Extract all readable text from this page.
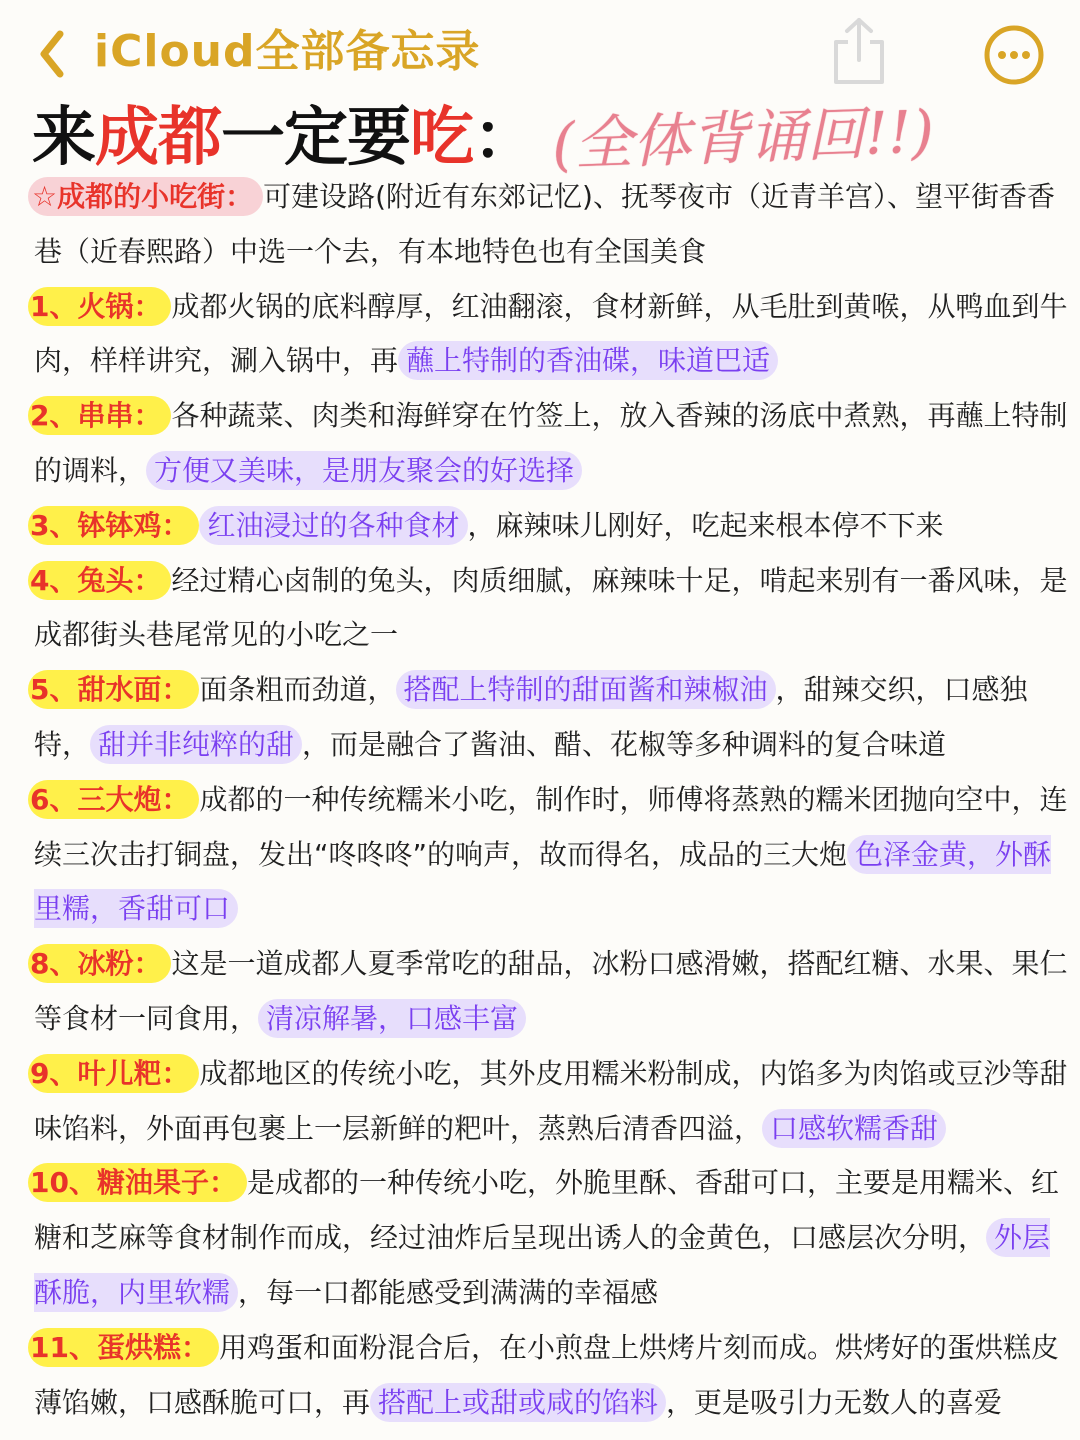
iCloud全部备忘录
来成都一定要吃： (全体背诵回!!)

☆成都的小吃街： 可建设路(附近有东郊记忆)、抚琴夜市（近青羊宫）、望平街香香巷（近春熙路）中选一个去，有本地特色也有全国美食

1、火锅： 成都火锅的底料醇厚，红油翻滚，食材新鲜，从毛肚到黄喉，从鸭血到牛肉，样样讲究，涮入锅中，再 蘸上特制的香油碟，味道巴适

2、串串： 各种蔬菜、肉类和海鲜穿在竹签上，放入香辣的汤底中煮熟，再蘸上特制的调料， 方便又美味，是朋友聚会的好选择

3、钵钵鸡： 红油浸过的各种食材 ，麻辣味儿刚好，吃起来根本停不下来

4、兔头： 经过精心卤制的兔头，肉质细腻，麻辣味十足，啃起来别有一番风味，是成都街头巷尾常见的小吃之一

5、甜水面： 面条粗而劲道， 搭配上特制的甜面酱和辣椒油 ，甜辣交织，口感独特， 甜并非纯粹的甜 ，而是融合了酱油、醋、花椒等多种调料的复合味道

6、三大炮： 成都的一种传统糯米小吃，制作时，师傅将蒸熟的糯米团抛向空中，连续三次击打铜盘，发出“咚咚咚”的响声，故而得名，成品的三大炮 色泽金黄，外酥里糯，香甜可口

8、冰粉： 这是一道成都人夏季常吃的甜品，冰粉口感滑嫩，搭配红糖、水果、果仁等食材一同食用， 清凉解暑，口感丰富

9、叶儿粑： 成都地区的传统小吃，其外皮用糯米粉制成，内馅多为肉馅或豆沙等甜味馅料，外面再包裹上一层新鲜的粑叶，蒸熟后清香四溢， 口感软糯香甜

10、糖油果子： 是成都的一种传统小吃，外脆里酥、香甜可口，主要是用糯米、红糖和芝麻等食材制作而成，经过油炸后呈现出诱人的金黄色，口感层次分明， 外层酥脆，内里软糯 ，每一口都能感受到满满的幸福感

11、蛋烘糕： 用鸡蛋和面粉混合后，在小煎盘上烘烤片刻而成。烘烤好的蛋烘糕皮薄馅嫩，口感酥脆可口，再 搭配上或甜或咸的馅料 ，更是吸引力无数人的喜爱
